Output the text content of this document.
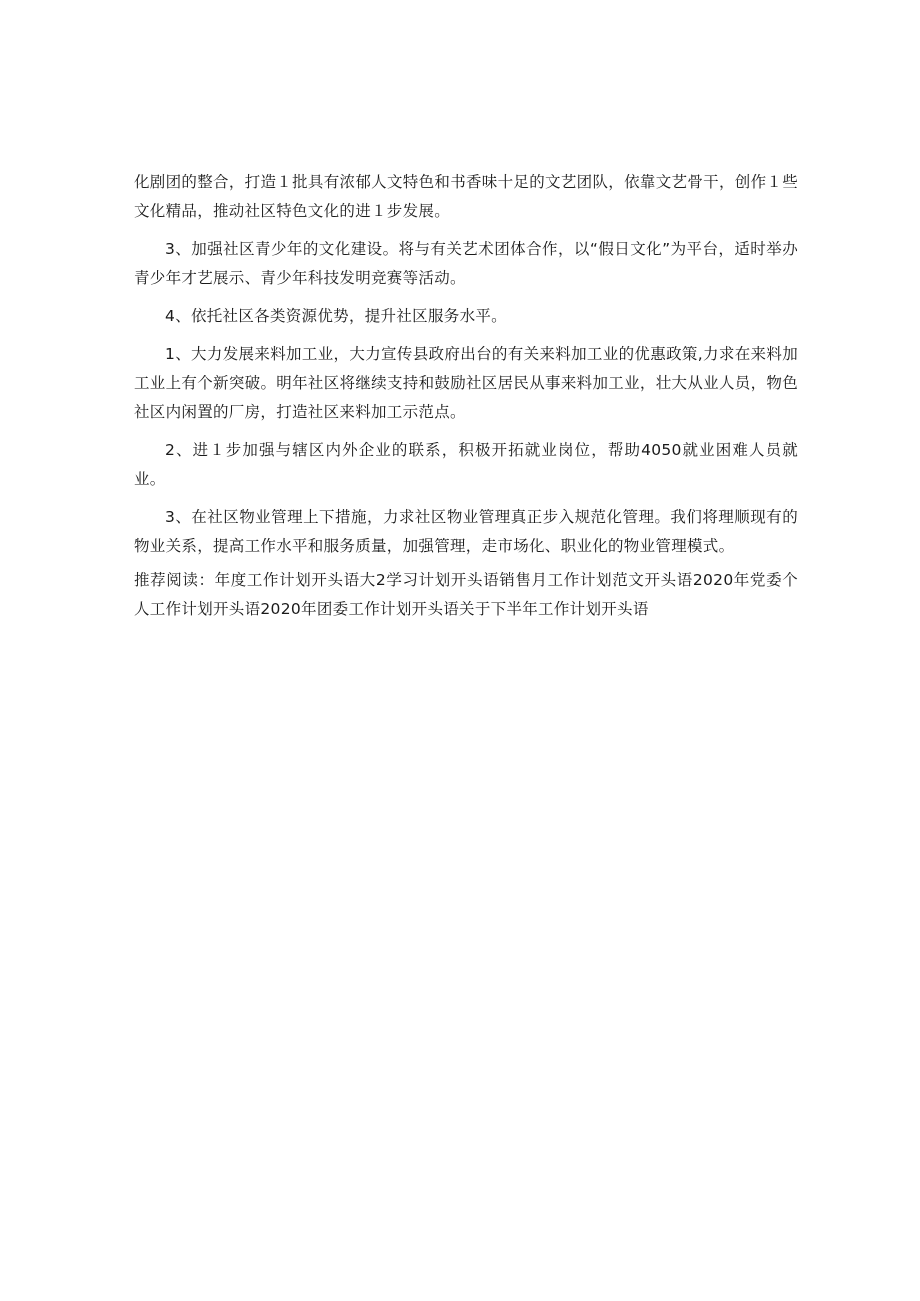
化剧团的整合，打造１批具有浓郁人文特色和书香味十足的文艺团队，依靠文艺骨干，创作１些文化精品，推动社区特色文化的进１步发展。

3、加强社区青少年的文化建设。将与有关艺术团体合作，以“假日文化”为平台，适时举办青少年才艺展示、青少年科技发明竞赛等活动。

4、依托社区各类资源优势，提升社区服务水平。

1、大力发展来料加工业，大力宣传县政府出台的有关来料加工业的优惠政策,力求在来料加工业上有个新突破。明年社区将继续支持和鼓励社区居民从事来料加工业，壮大从业人员，物色社区内闲置的厂房，打造社区来料加工示范点。

2、进１步加强与辖区内外企业的联系，积极开拓就业岗位，帮助4050就业困难人员就业。

3、在社区物业管理上下措施，力求社区物业管理真正步入规范化管理。我们将理顺现有的物业关系，提高工作水平和服务质量，加强管理，走市场化、职业化的物业管理模式。

推荐阅读：年度工作计划开头语大2学习计划开头语销售月工作计划范文开头语2020年党委个人工作计划开头语2020年团委工作计划开头语关于下半年工作计划开头语
